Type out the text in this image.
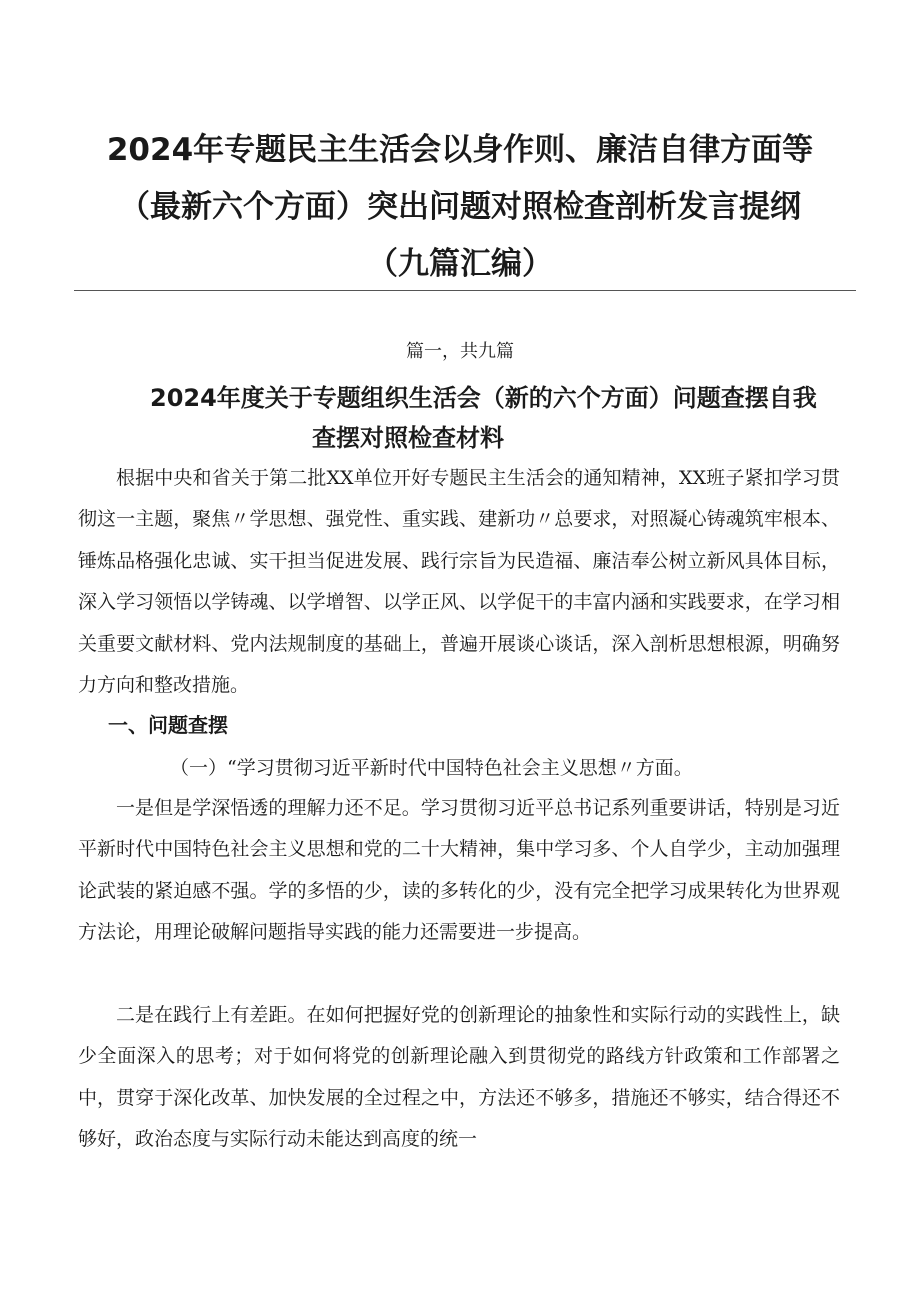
2024年专题民主生活会以身作则、廉洁自律方面等
（最新六个方面）突出问题对照检查剖析发言提纲
（九篇汇编）

篇一，共九篇

2024年度关于专题组织生活会（新的六个方面）问题查摆自我
查摆对照检查材料

根据中央和省关于第二批XX单位开好专题民主生活会的通知精神，XX班子紧扣学习贯彻这一主题，聚焦〃学思想、强党性、重实践、建新功〃总要求，对照凝心铸魂筑牢根本、锤炼品格强化忠诚、实干担当促进发展、践行宗旨为民造福、廉洁奉公树立新风具体目标，深入学习领悟以学铸魂、以学增智、以学正风、以学促干的丰富内涵和实践要求，在学习相关重要文献材料、党内法规制度的基础上，普遍开展谈心谈话，深入剖析思想根源，明确努力方向和整改措施。

一、问题查摆

（一）“学习贯彻习近平新时代中国特色社会主义思想〃方面。

一是但是学深悟透的理解力还不足。学习贯彻习近平总书记系列重要讲话，特别是习近平新时代中国特色社会主义思想和党的二十大精神，集中学习多、个人自学少，主动加强理论武装的紧迫感不强。学的多悟的少，读的多转化的少，没有完全把学习成果转化为世界观方法论，用理论破解问题指导实践的能力还需要进一步提高。

二是在践行上有差距。在如何把握好党的创新理论的抽象性和实际行动的实践性上，缺少全面深入的思考；对于如何将党的创新理论融入到贯彻党的路线方针政策和工作部署之中，贯穿于深化改革、加快发展的全过程之中，方法还不够多，措施还不够实，结合得还不够好，政治态度与实际行动未能达到高度的统一
